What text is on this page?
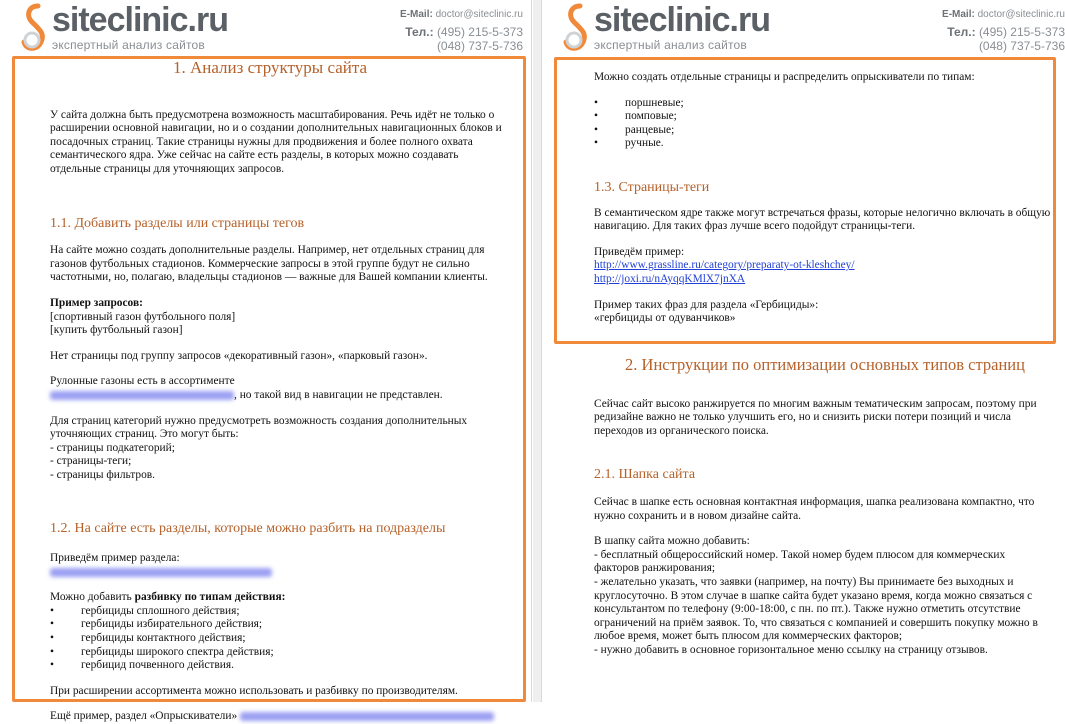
siteclinic.ru
экспертный анализ сайтов
E-Mail: doctor@siteclinic.ru
Тел.: (495) 215-5-373
(048) 737-5-736
1. Анализ структуры сайта
У сайта должна быть предусмотрена возможность масштабирования. Речь идёт не только о
расширении основной навигации, но и о создании дополнительных навигационных блоков и
посадочных страниц. Такие страницы нужны для продвижения и более полного охвата
семантического ядра. Уже сейчас на сайте есть разделы, в которых можно создавать
отдельные страницы для уточняющих запросов.
1.1. Добавить разделы или страницы тегов
На сайте можно создать дополнительные разделы. Например, нет отдельных страниц для
газонов футбольных стадионов. Коммерческие запросы в этой группе будут не сильно
частотными, но, полагаю, владельцы стадионов — важные для Вашей компании клиенты.
Пример запросов:
[спортивный газон футбольного поля]
[купить футбольный газон]
Нет страницы под группу запросов «декоративный газон», «парковый газон».
Рулонные газоны есть в ассортименте
, но такой вид в навигации не представлен.
Для страниц категорий нужно предусмотреть возможность создания дополнительных
уточняющих страниц. Это могут быть:
- страницы подкатегорий;
- страницы-теги;
- страницы фильтров.
1.2. На сайте есть разделы, которые можно разбить на подразделы
Приведём пример раздела:
Можно добавить разбивку по типам действия:
• гербициды сплошного действия;
• гербициды избирательного действия;
• гербициды контактного действия;
• гербициды широкого спектра действия;
• гербицид почвенного действия.
При расширении ассортимента можно использовать и разбивку по производителям.
Ещё пример, раздел «Опрыскиватели»
siteclinic.ru
экспертный анализ сайтов
E-Mail: doctor@siteclinic.ru
Тел.: (495) 215-5-373
(048) 737-5-736
Можно создать отдельные страницы и распределить опрыскиватели по типам:
• поршневые;
• помповые;
• ранцевые;
• ручные.
1.3. Страницы-теги
В семантическом ядре также могут встречаться фразы, которые нелогично включать в общую
навигацию. Для таких фраз лучше всего подойдут страницы-теги.
Приведём пример:
http://www.grassline.ru/category/preparaty-ot-kleshchey/
http://joxi.ru/nAyqqKMlX7jnXA
Пример таких фраз для раздела «Гербициды»:
«гербициды от одуванчиков»
2. Инструкции по оптимизации основных типов страниц
Сейчас сайт высоко ранжируется по многим важным тематическим запросам, поэтому при
редизайне важно не только улучшить его, но и снизить риски потери позиций и числа
переходов из органического поиска.
2.1. Шапка сайта
Сейчас в шапке есть основная контактная информация, шапка реализована компактно, что
нужно сохранить и в новом дизайне сайта.
В шапку сайта можно добавить:
- бесплатный общероссийский номер. Такой номер будем плюсом для коммерческих
факторов ранжирования;
- желательно указать, что заявки (например, на почту) Вы принимаете без выходных и
круглосуточно. В этом случае в шапке сайта будет указано время, когда можно связаться с
консультантом по телефону (9:00-18:00, с пн. по пт.). Также нужно отметить отсутствие
ограничений на приём заявок. То, что связаться с компанией и совершить покупку можно в
любое время, может быть плюсом для коммерческих факторов;
- нужно добавить в основное горизонтальное меню ссылку на страницу отзывов.
